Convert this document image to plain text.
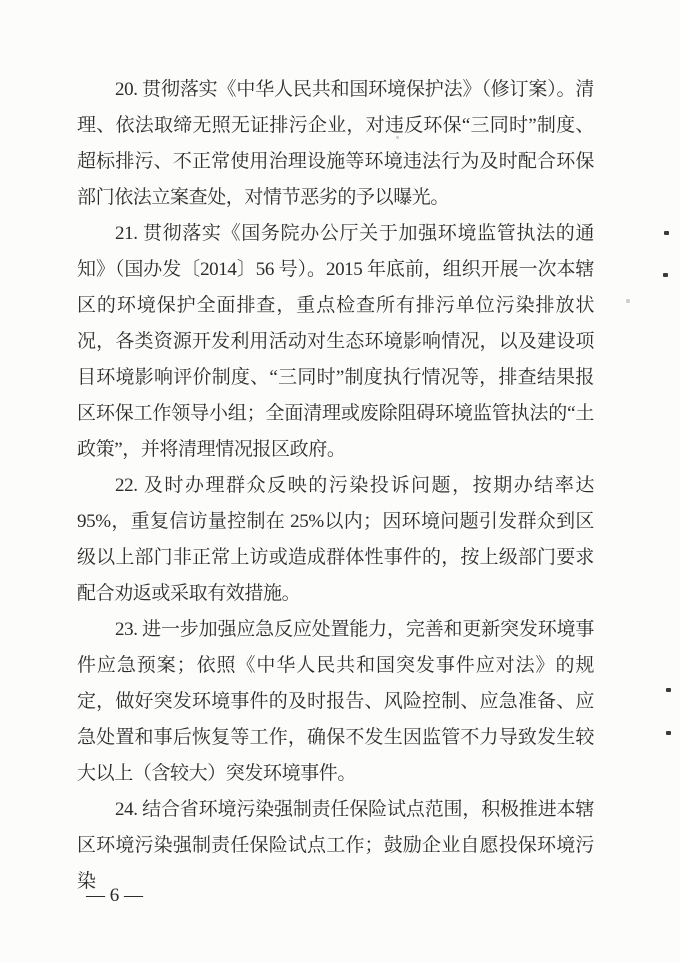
20. 贯彻落实《中华人民共和国环境保护法》（修订案）。清理、依法取缔无照无证排污企业，对违反环保“三同时”制度、超标排污、不正常使用治理设施等环境违法行为及时配合环保部门依法立案查处，对情节恶劣的予以曝光。

21. 贯彻落实《国务院办公厅关于加强环境监管执法的通知》（国办发〔2014〕56 号）。2015 年底前，组织开展一次本辖区的环境保护全面排查，重点检查所有排污单位污染排放状况，各类资源开发利用活动对生态环境影响情况，以及建设项目环境影响评价制度、“三同时”制度执行情况等，排查结果报区环保工作领导小组；全面清理或废除阻碍环境监管执法的“土政策”，并将清理情况报区政府。

22. 及时办理群众反映的污染投诉问题，按期办结率达 95%，重复信访量控制在 25%以内；因环境问题引发群众到区级以上部门非正常上访或造成群体性事件的，按上级部门要求配合劝返或采取有效措施。

23. 进一步加强应急反应处置能力，完善和更新突发环境事件应急预案；依照《中华人民共和国突发事件应对法》的规定，做好突发环境事件的及时报告、风险控制、应急准备、应急处置和事后恢复等工作，确保不发生因监管不力导致发生较大以上（含较大）突发环境事件。

24. 结合省环境污染强制责任保险试点范围，积极推进本辖区环境污染强制责任保险试点工作；鼓励企业自愿投保环境污染

— 6 —
